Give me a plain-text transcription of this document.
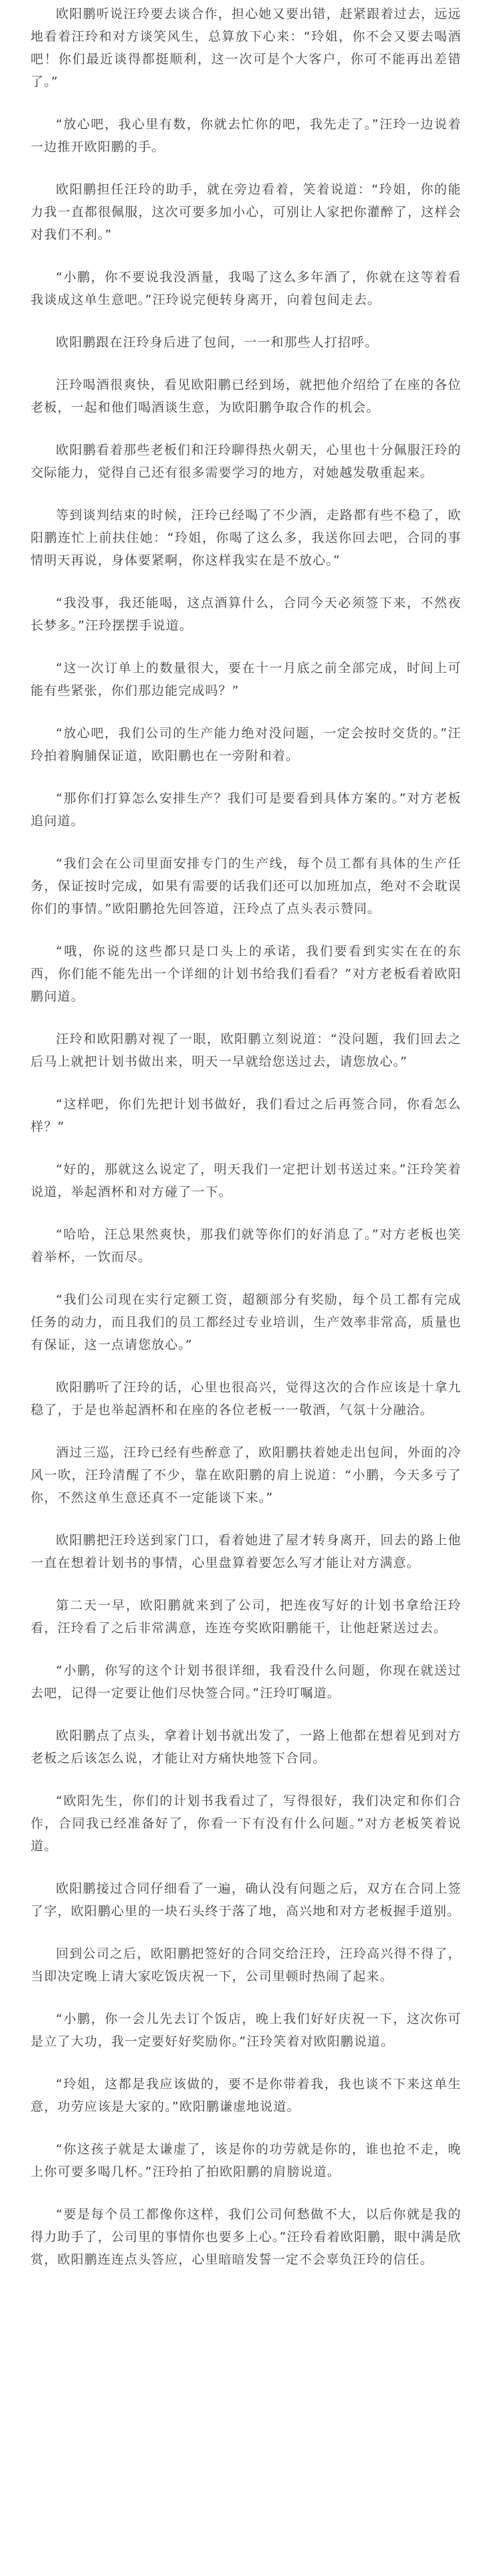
欧阳鹏听说汪玲要去谈合作，担心她又要出错，赶紧跟着过去，远远地看着汪玲和对方谈笑风生，总算放下心来：“玲姐，你不会又要去喝酒吧！你们最近谈得都挺顺利，这一次可是个大客户，你可不能再出差错了。”

“放心吧，我心里有数，你就去忙你的吧，我先走了。”汪玲一边说着一边推开欧阳鹏的手。

欧阳鹏担任汪玲的助手，就在旁边看着，笑着说道：“玲姐，你的能力我一直都很佩服，这次可要多加小心，可别让人家把你灌醉了，这样会对我们不利。”

“小鹏，你不要说我没酒量，我喝了这么多年酒了，你就在这等着看我谈成这单生意吧。”汪玲说完便转身离开，向着包间走去。

欧阳鹏跟在汪玲身后进了包间，一一和那些人打招呼。

汪玲喝酒很爽快，看见欧阳鹏已经到场，就把他介绍给了在座的各位老板，一起和他们喝酒谈生意，为欧阳鹏争取合作的机会。

欧阳鹏看着那些老板们和汪玲聊得热火朝天，心里也十分佩服汪玲的交际能力，觉得自己还有很多需要学习的地方，对她越发敬重起来。

等到谈判结束的时候，汪玲已经喝了不少酒，走路都有些不稳了，欧阳鹏连忙上前扶住她：“玲姐，你喝了这么多，我送你回去吧，合同的事情明天再说，身体要紧啊，你这样我实在是不放心。”

“我没事，我还能喝，这点酒算什么，合同今天必须签下来，不然夜长梦多。”汪玲摆摆手说道。

“这一次订单上的数量很大，要在十一月底之前全部完成，时间上可能有些紧张，你们那边能完成吗？”

“放心吧，我们公司的生产能力绝对没问题，一定会按时交货的。”汪玲拍着胸脯保证道，欧阳鹏也在一旁附和着。

“那你们打算怎么安排生产？我们可是要看到具体方案的。”对方老板追问道。

“我们会在公司里面安排专门的生产线，每个员工都有具体的生产任务，保证按时完成，如果有需要的话我们还可以加班加点，绝对不会耽误你们的事情。”欧阳鹏抢先回答道，汪玲点了点头表示赞同。

“哦，你说的这些都只是口头上的承诺，我们要看到实实在在的东西，你们能不能先出一个详细的计划书给我们看看？”对方老板看着欧阳鹏问道。

汪玲和欧阳鹏对视了一眼，欧阳鹏立刻说道：“没问题，我们回去之后马上就把计划书做出来，明天一早就给您送过去，请您放心。”

“这样吧，你们先把计划书做好，我们看过之后再签合同，你看怎么样？”

“好的，那就这么说定了，明天我们一定把计划书送过来。”汪玲笑着说道，举起酒杯和对方碰了一下。

“哈哈，汪总果然爽快，那我们就等你们的好消息了。”对方老板也笑着举杯，一饮而尽。

“我们公司现在实行定额工资，超额部分有奖励，每个员工都有完成任务的动力，而且我们的员工都经过专业培训，生产效率非常高，质量也有保证，这一点请您放心。”

欧阳鹏听了汪玲的话，心里也很高兴，觉得这次的合作应该是十拿九稳了，于是也举起酒杯和在座的各位老板一一敬酒，气氛十分融洽。

酒过三巡，汪玲已经有些醉意了，欧阳鹏扶着她走出包间，外面的冷风一吹，汪玲清醒了不少，靠在欧阳鹏的肩上说道：“小鹏，今天多亏了你，不然这单生意还真不一定能谈下来。”

欧阳鹏把汪玲送到家门口，看着她进了屋才转身离开，回去的路上他一直在想着计划书的事情，心里盘算着要怎么写才能让对方满意。

第二天一早，欧阳鹏就来到了公司，把连夜写好的计划书拿给汪玲看，汪玲看了之后非常满意，连连夸奖欧阳鹏能干，让他赶紧送过去。

“小鹏，你写的这个计划书很详细，我看没什么问题，你现在就送过去吧，记得一定要让他们尽快签合同。”汪玲叮嘱道。

欧阳鹏点了点头，拿着计划书就出发了，一路上他都在想着见到对方老板之后该怎么说，才能让对方痛快地签下合同。

“欧阳先生，你们的计划书我看过了，写得很好，我们决定和你们合作，合同我已经准备好了，你看一下有没有什么问题。”对方老板笑着说道。

欧阳鹏接过合同仔细看了一遍，确认没有问题之后，双方在合同上签了字，欧阳鹏心里的一块石头终于落了地，高兴地和对方老板握手道别。

回到公司之后，欧阳鹏把签好的合同交给汪玲，汪玲高兴得不得了，当即决定晚上请大家吃饭庆祝一下，公司里顿时热闹了起来。

“小鹏，你一会儿先去订个饭店，晚上我们好好庆祝一下，这次你可是立了大功，我一定要好好奖励你。”汪玲笑着对欧阳鹏说道。

“玲姐，这都是我应该做的，要不是你带着我，我也谈不下来这单生意，功劳应该是大家的。”欧阳鹏谦虚地说道。

“你这孩子就是太谦虚了，该是你的功劳就是你的，谁也抢不走，晚上你可要多喝几杯。”汪玲拍了拍欧阳鹏的肩膀说道。

“要是每个员工都像你这样，我们公司何愁做不大，以后你就是我的得力助手了，公司里的事情你也要多上心。”汪玲看着欧阳鹏，眼中满是欣赏，欧阳鹏连连点头答应，心里暗暗发誓一定不会辜负汪玲的信任。
